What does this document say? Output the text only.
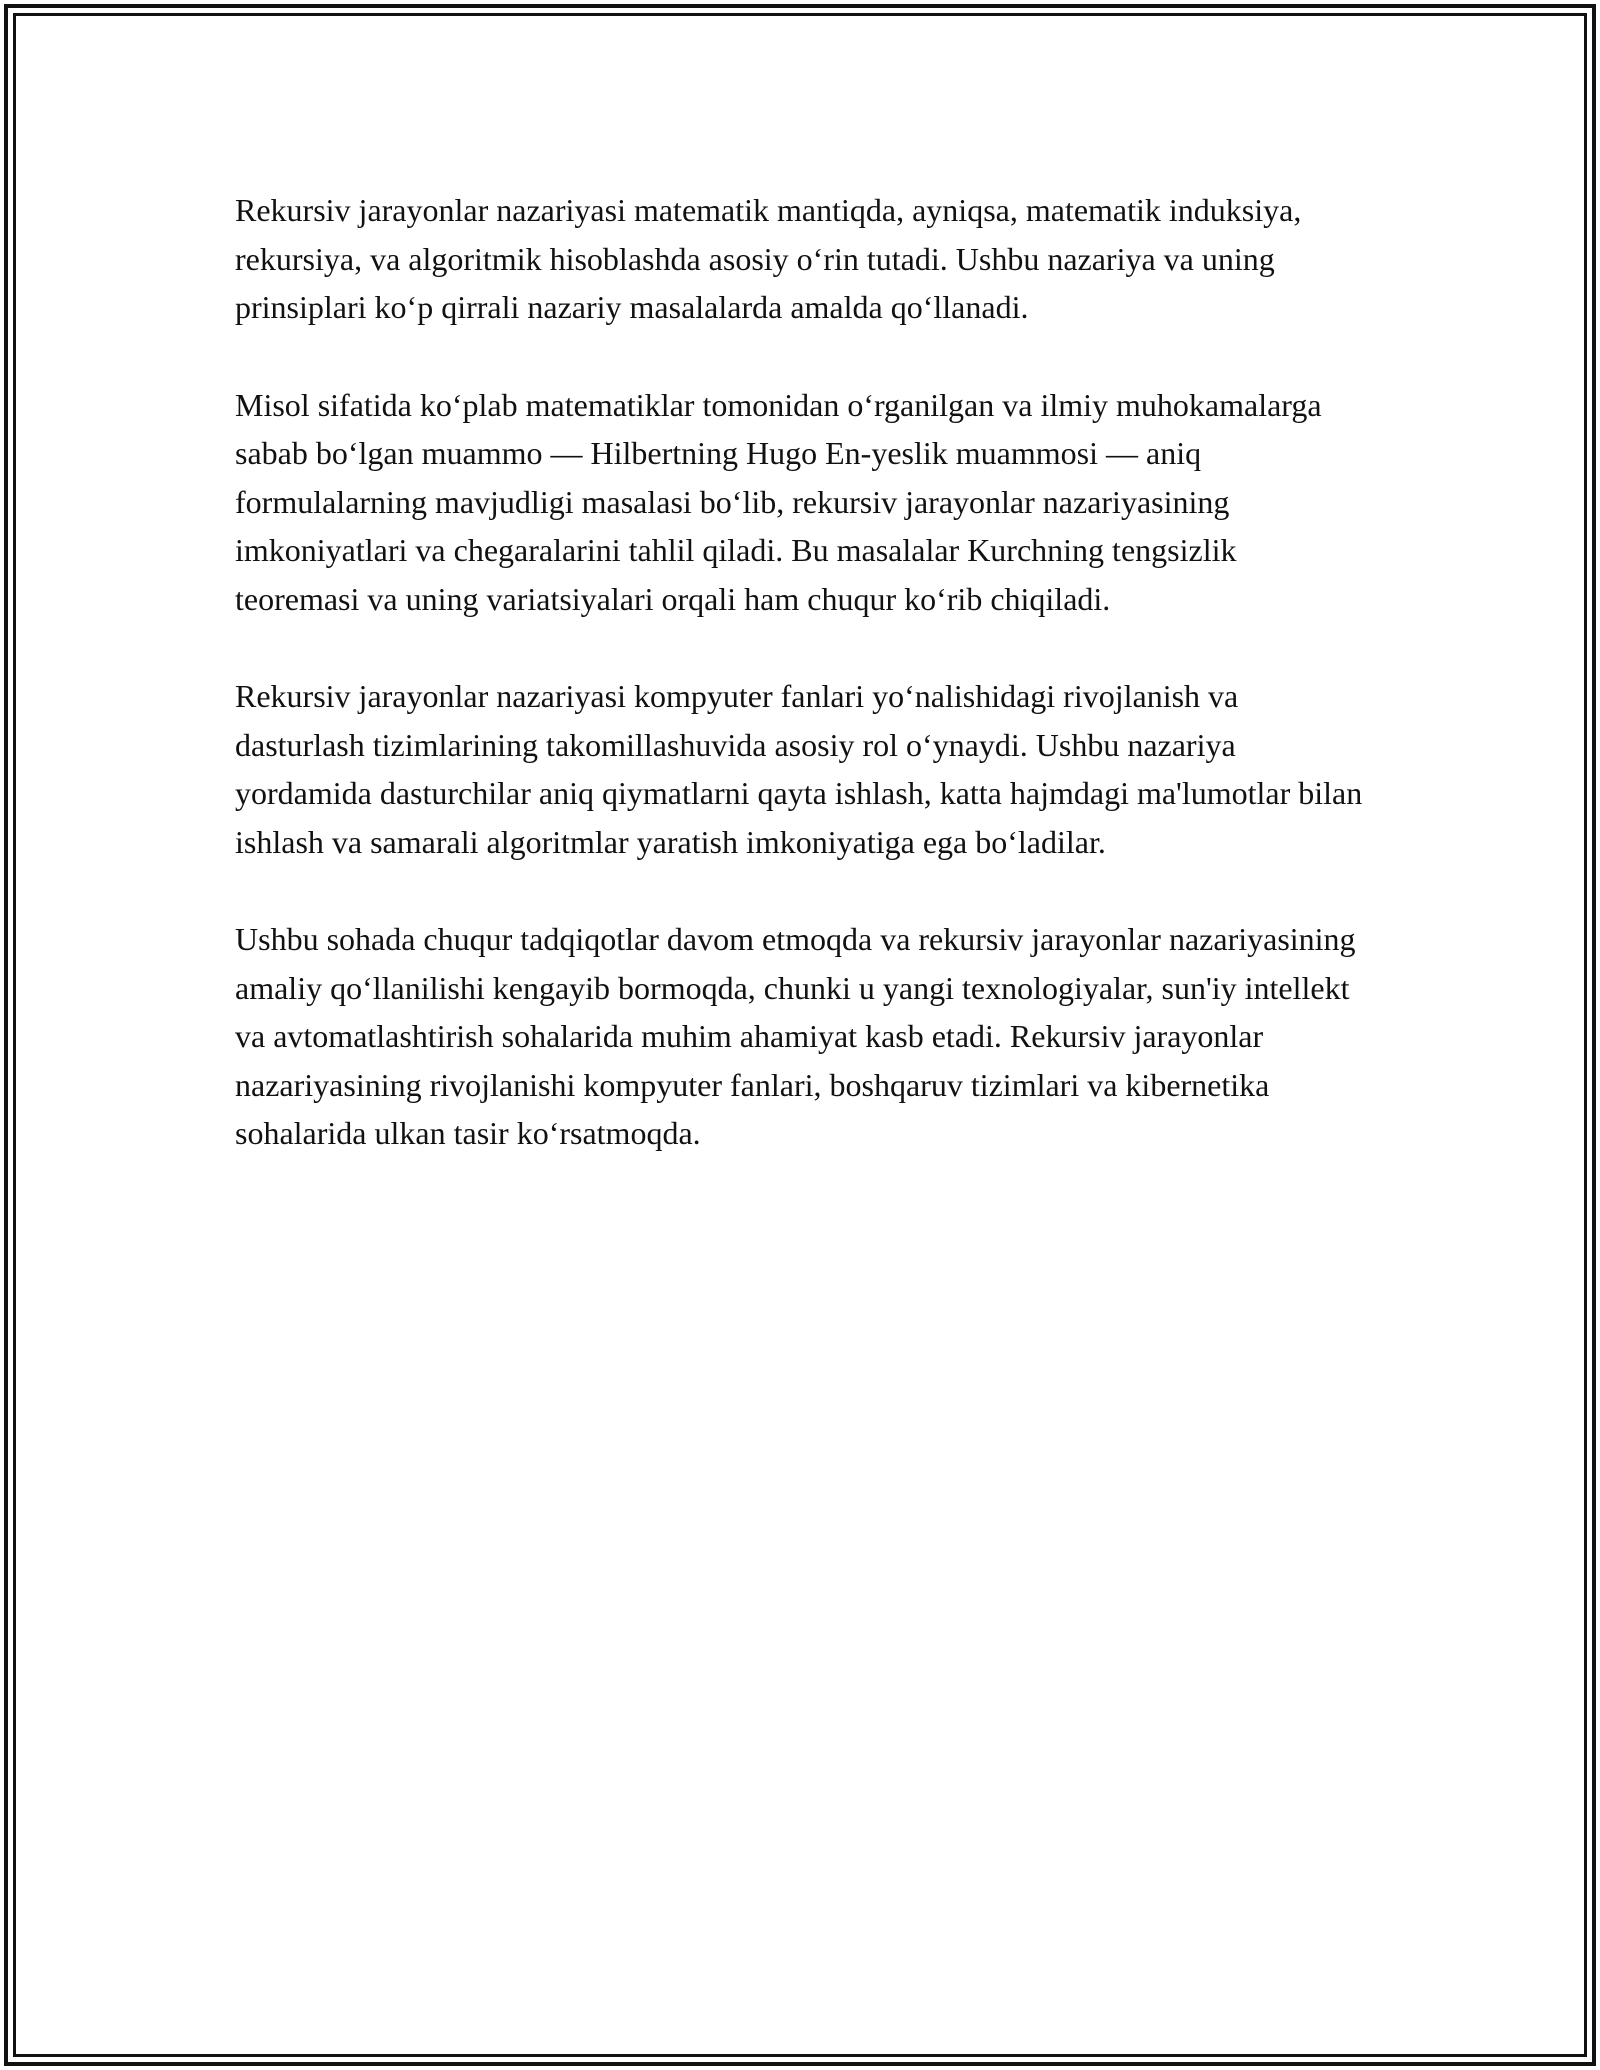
Rekursiv jarayonlar nazariyasi matematik mantiqda, ayniqsa, matematik induksiya, rekursiya, va algoritmik hisoblashda asosiy o‘rin tutadi. Ushbu nazariya va uning prinsiplari ko‘p qirrali nazariy masalalarda amalda qo‘llanadi.

Misol sifatida ko‘plab matematiklar tomonidan o‘rganilgan va ilmiy muhokamalarga sabab bo‘lgan muammo — Hilbertning Hugo En-yeslik muammosi — aniq formulalarning mavjudligi masalasi bo‘lib, rekursiv jarayonlar nazariyasining imkoniyatlari va chegaralarini tahlil qiladi. Bu masalalar Kurchning tengsizlik teoremasi va uning variatsiyalari orqali ham chuqur ko‘rib chiqiladi.

Rekursiv jarayonlar nazariyasi kompyuter fanlari yo‘nalishidagi rivojlanish va dasturlash tizimlarining takomillashuvida asosiy rol o‘ynaydi. Ushbu nazariya yordamida dasturchilar aniq qiymatlarni qayta ishlash, katta hajmdagi ma'lumotlar bilan ishlash va samarali algoritmlar yaratish imkoniyatiga ega bo‘ladilar.

Ushbu sohada chuqur tadqiqotlar davom etmoqda va rekursiv jarayonlar nazariyasining amaliy qo‘llanilishi kengayib bormoqda, chunki u yangi texnologiyalar, sun'iy intellekt va avtomatlashtirish sohalarida muhim ahamiyat kasb etadi. Rekursiv jarayonlar nazariyasining rivojlanishi kompyuter fanlari, boshqaruv tizimlari va kibernetika sohalarida ulkan tasir ko‘rsatmoqda.
